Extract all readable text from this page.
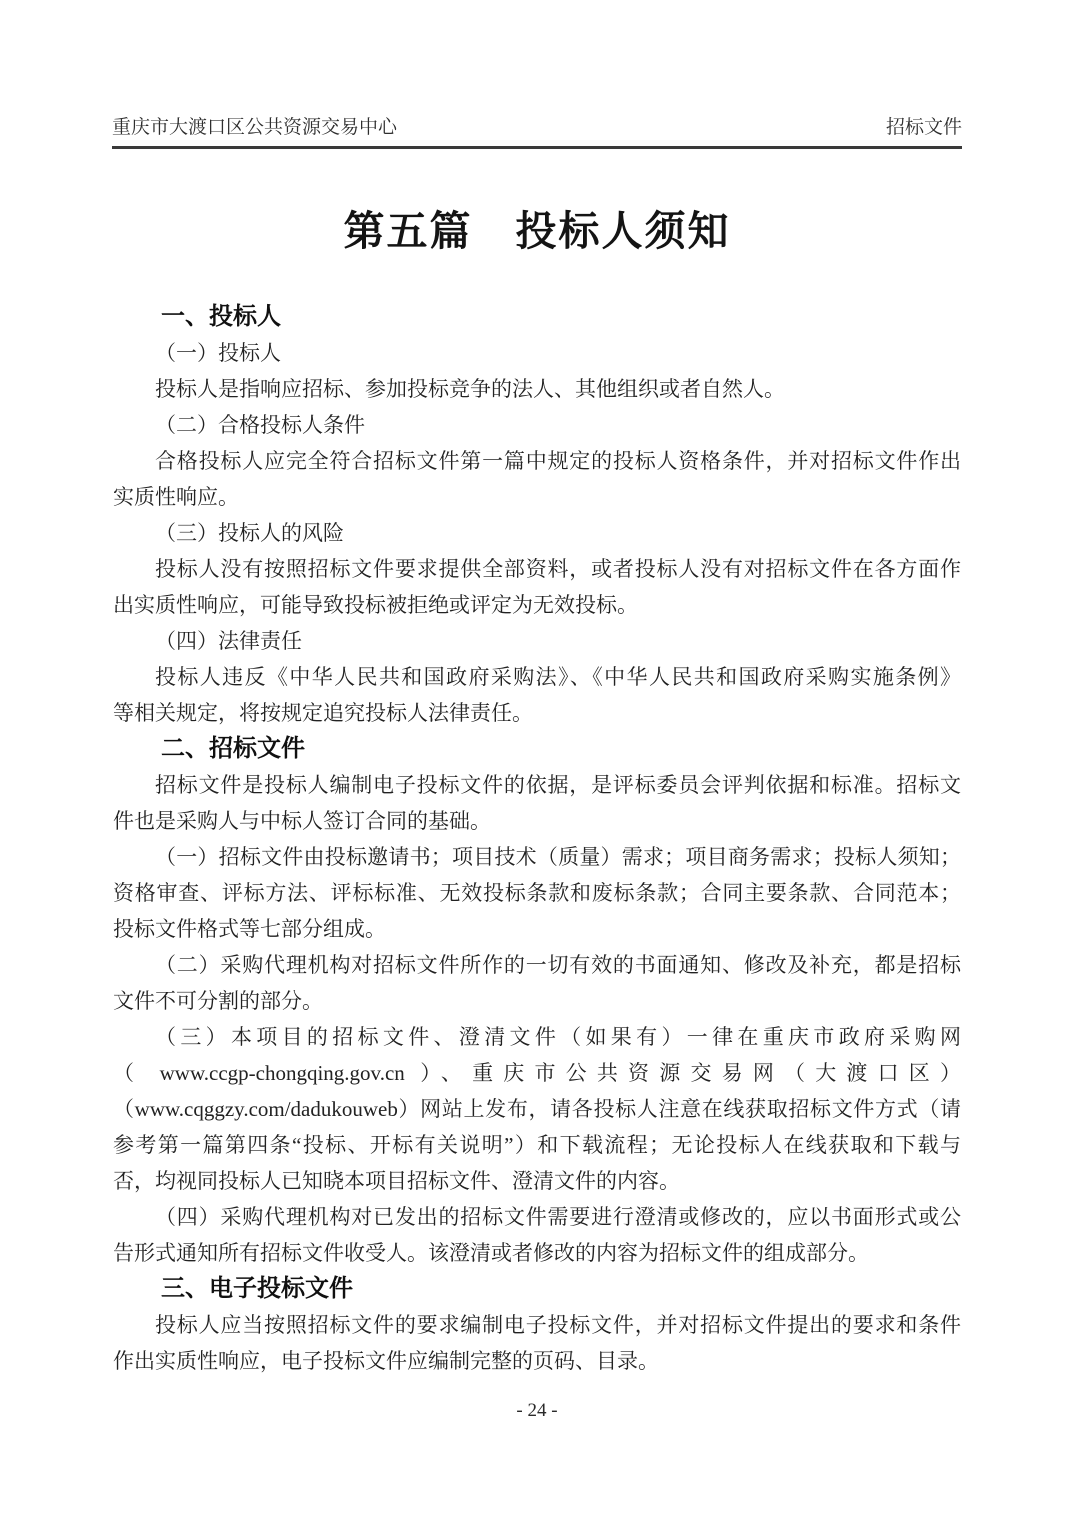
重庆市大渡口区公共资源交易中心	招标文件
第五篇　投标人须知
一、投标人
（一）投标人
投标人是指响应招标、参加投标竞争的法人、其他组织或者自然人。
（二）合格投标人条件
合格投标人应完全符合招标文件第一篇中规定的投标人资格条件，并对招标文件作出
实质性响应。
（三）投标人的风险
投标人没有按照招标文件要求提供全部资料，或者投标人没有对招标文件在各方面作
出实质性响应，可能导致投标被拒绝或评定为无效投标。
（四）法律责任
投标人违反《中华人民共和国政府采购法》、《中华人民共和国政府采购实施条例》
等相关规定，将按规定追究投标人法律责任。
二、招标文件
招标文件是投标人编制电子投标文件的依据，是评标委员会评判依据和标准。招标文
件也是采购人与中标人签订合同的基础。
（一）招标文件由投标邀请书；项目技术（质量）需求；项目商务需求；投标人须知；
资格审查、评标方法、评标标准、无效投标条款和废标条款；合同主要条款、合同范本；
投标文件格式等七部分组成。
（二）采购代理机构对招标文件所作的一切有效的书面通知、修改及补充，都是招标
文件不可分割的部分。
（三）本项目的招标文件、澄清文件（如果有）一律在重庆市政府采购网
（ www.ccgp-chongqing.gov.cn ）、重庆市公共资源交易网（大渡口区）
（www.cqggzy.com/dadukouweb）网站上发布，请各投标人注意在线获取招标文件方式（请
参考第一篇第四条“投标、开标有关说明”）和下载流程；无论投标人在线获取和下载与
否，均视同投标人已知晓本项目招标文件、澄清文件的内容。
（四）采购代理机构对已发出的招标文件需要进行澄清或修改的，应以书面形式或公
告形式通知所有招标文件收受人。该澄清或者修改的内容为招标文件的组成部分。
三、电子投标文件
投标人应当按照招标文件的要求编制电子投标文件，并对招标文件提出的要求和条件
作出实质性响应，电子投标文件应编制完整的页码、目录。
- 24 -
